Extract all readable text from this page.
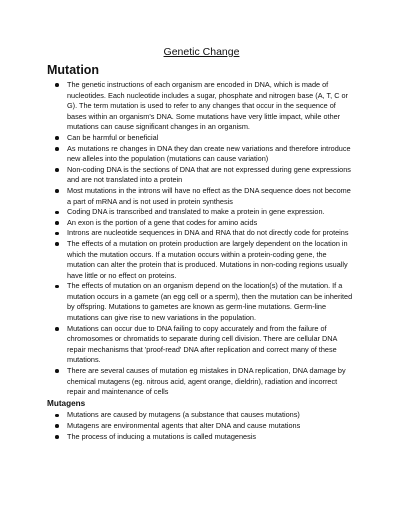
Genetic Change
Mutation
The genetic instructions of each organism are encoded in DNA, which is made of nucleotides. Each nucleotide includes a sugar, phosphate and nitrogen base (A, T, C or G). The term mutation is used to refer to any changes that occur in the sequence of bases within an organism's DNA. Some mutations have very little impact, while other mutations can cause significant changes in an organism.
Can be harmful or beneficial
As mutations re changes in DNA they dan create new variations and therefore introduce new alleles into the population (mutations can cause variation)
Non-coding DNA is the sections of DNA that are not expressed during gene expressions and are not translated into a protein
Most mutations in the introns will have no effect as the DNA sequence does not become a part of mRNA and is not used in protein synthesis
Coding DNA is transcribed and translated to make a protein in gene expression.
An exon is the portion of a gene that codes for amino acids
Introns are nucleotide sequences in DNA and RNA that do not directly code for proteins
The effects of a mutation on protein production are largely dependent on the location in which the mutation occurs. If a mutation occurs within a protein-coding gene, the mutation can alter the protein that is produced. Mutations in non-coding regions usually have little or no effect on proteins.
The effects of mutation on an organism depend on the location(s) of the mutation. If a mutation occurs in a gamete (an egg cell or a sperm), then the mutation can be inherited by offspring. Mutations to gametes are known as germ-line mutations. Germ-line mutations can give rise to new variations in the population.
Mutations can occur due to DNA failing to copy accurately and from the failure of chromosomes or chromatids to separate during cell division. There are cellular DNA repair mechanisms that 'proof-read' DNA after replication and correct many of these mutations.
There are several causes of mutation eg mistakes in DNA replication, DNA damage by chemical mutagens (eg. nitrous acid, agent orange, dieldrin), radiation and incorrect repair and maintenance of cells
Mutagens
Mutations are caused by mutagens (a substance that causes mutations)
Mutagens are environmental agents that alter DNA and cause mutations
The process of inducing a mutations is called mutagenesis
